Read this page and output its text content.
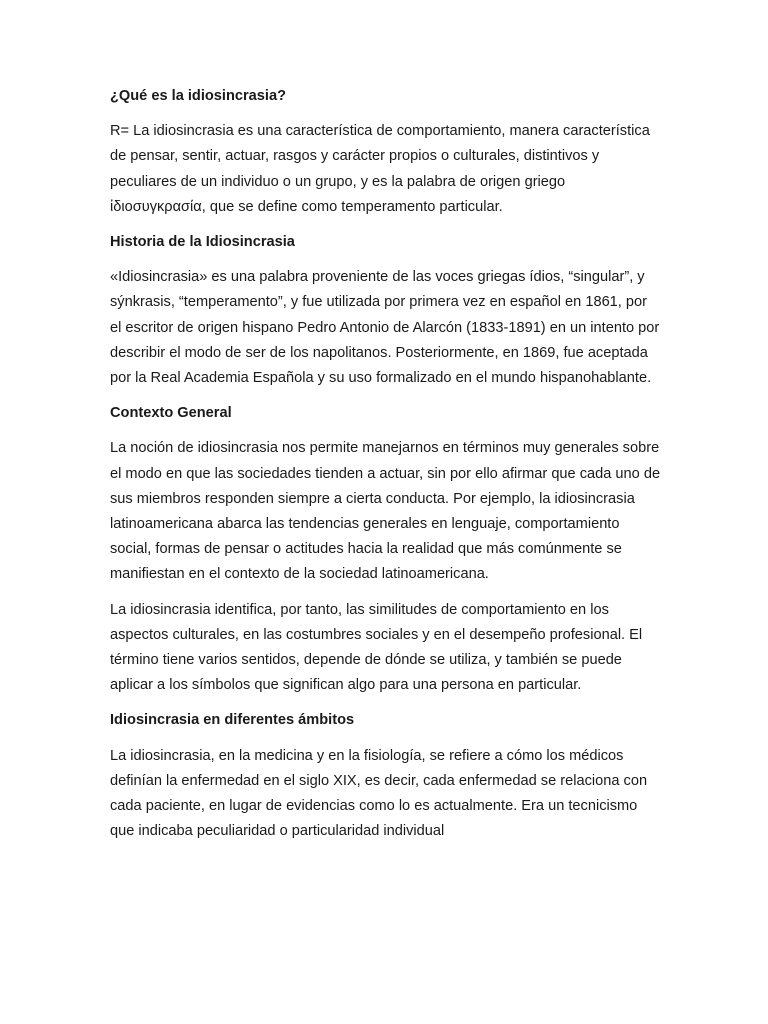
¿Qué es la idiosincrasia?
R= La idiosincrasia es una característica de comportamiento, manera característica de pensar, sentir, actuar, rasgos y carácter propios o culturales, distintivos y peculiares de un individuo o un grupo, y es la palabra de origen griego ἰδιοσυγκρασία, que se define como temperamento particular.
Historia de la Idiosincrasia
«Idiosincrasia» es una palabra proveniente de las voces griegas ídios, “singular”, y sýnkrasis, “temperamento”, y fue utilizada por primera vez en español en 1861, por el escritor de origen hispano Pedro Antonio de Alarcón (1833-1891) en un intento por describir el modo de ser de los napolitanos. Posteriormente, en 1869, fue aceptada por la Real Academia Española y su uso formalizado en el mundo hispanohablante.
Contexto General
La noción de idiosincrasia nos permite manejarnos en términos muy generales sobre el modo en que las sociedades tienden a actuar, sin por ello afirmar que cada uno de sus miembros responden siempre a cierta conducta. Por ejemplo, la idiosincrasia latinoamericana abarca las tendencias generales en lenguaje, comportamiento social, formas de pensar o actitudes hacia la realidad que más comúnmente se manifiestan en el contexto de la sociedad latinoamericana.
La idiosincrasia identifica, por tanto, las similitudes de comportamiento en los aspectos culturales, en las costumbres sociales y en el desempeño profesional. El término tiene varios sentidos, depende de dónde se utiliza, y también se puede aplicar a los símbolos que significan algo para una persona en particular.
Idiosincrasia en diferentes ámbitos
La idiosincrasia, en la medicina y en la fisiología, se refiere a cómo los médicos definían la enfermedad en el siglo XIX, es decir, cada enfermedad se relaciona con cada paciente, en lugar de evidencias como lo es actualmente. Era un tecnicismo que indicaba peculiaridad o particularidad individual
